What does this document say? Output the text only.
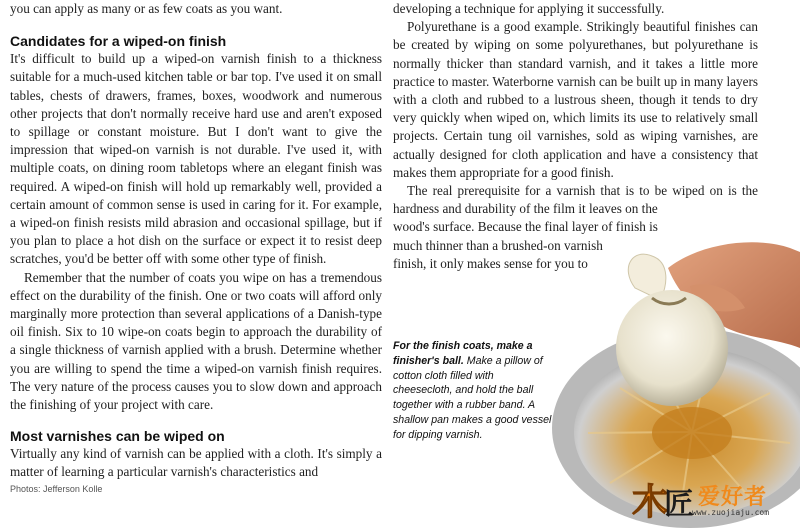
you can apply as many or as few coats as you want.
Candidates for a wiped-on finish

It's difficult to build up a wiped-on varnish finish to a thickness suitable for a much-used kitchen table or bar top. I've used it on small tables, chests of drawers, frames, boxes, woodwork and numerous other projects that don't normally receive hard use and aren't exposed to spillage or constant moisture. But I don't want to give the impression that wiped-on varnish is not durable. I've used it, with multiple coats, on dining room tabletops where an elegant finish was required. A wiped-on finish will hold up remarkably well, provided a certain amount of common sense is used in caring for it. For example, a wiped-on finish resists mild abrasion and occasional spillage, but if you plan to place a hot dish on the surface or expect it to resist deep scratches, you'd be better off with some other type of finish.

Remember that the number of coats you wipe on has a tremendous effect on the durability of the finish. One or two coats will afford only marginally more protection than several applications of a Danish-type oil finish. Six to 10 wipe-on coats begin to approach the durability of a single thickness of varnish applied with a brush. Determine whether you are willing to spend the time a wiped-on varnish finish requires. The very nature of the process causes you to slow down and approach the finishing of your project with care.

Most varnishes can be wiped on

Virtually any kind of varnish can be applied with a cloth. It's simply a matter of learning a particular varnish's characteristics and

developing a technique for applying it successfully.

Polyurethane is a good example. Strikingly beautiful finishes can be created by wiping on some polyurethanes, but polyurethane is normally thicker than standard varnish, and it takes a little more practice to master. Waterborne varnish can be built up in many layers with a cloth and rubbed to a lustrous sheen, though it tends to dry very quickly when wiped on, which limits its use to relatively small projects. Certain tung oil varnishes, sold as wiping varnishes, are actually designed for cloth application and have a consistency that makes them appropriate for a good finish.

The real prerequisite for a varnish that is to be wiped on is the hardness and durability of the film it leaves on the

wood's surface. Because the final layer of finish is
much thinner than a brushed-on varnish
finish, it only makes sense for you to
For the finish coats, make a finisher's ball. Make a pillow of cotton cloth filled with cheesecloth, and hold the ball together with a rubber band. A shallow pan makes a good vessel for dipping varnish.
Photos: Jefferson Kolle	木
匠 爱好者
www.zuojiaju.com
